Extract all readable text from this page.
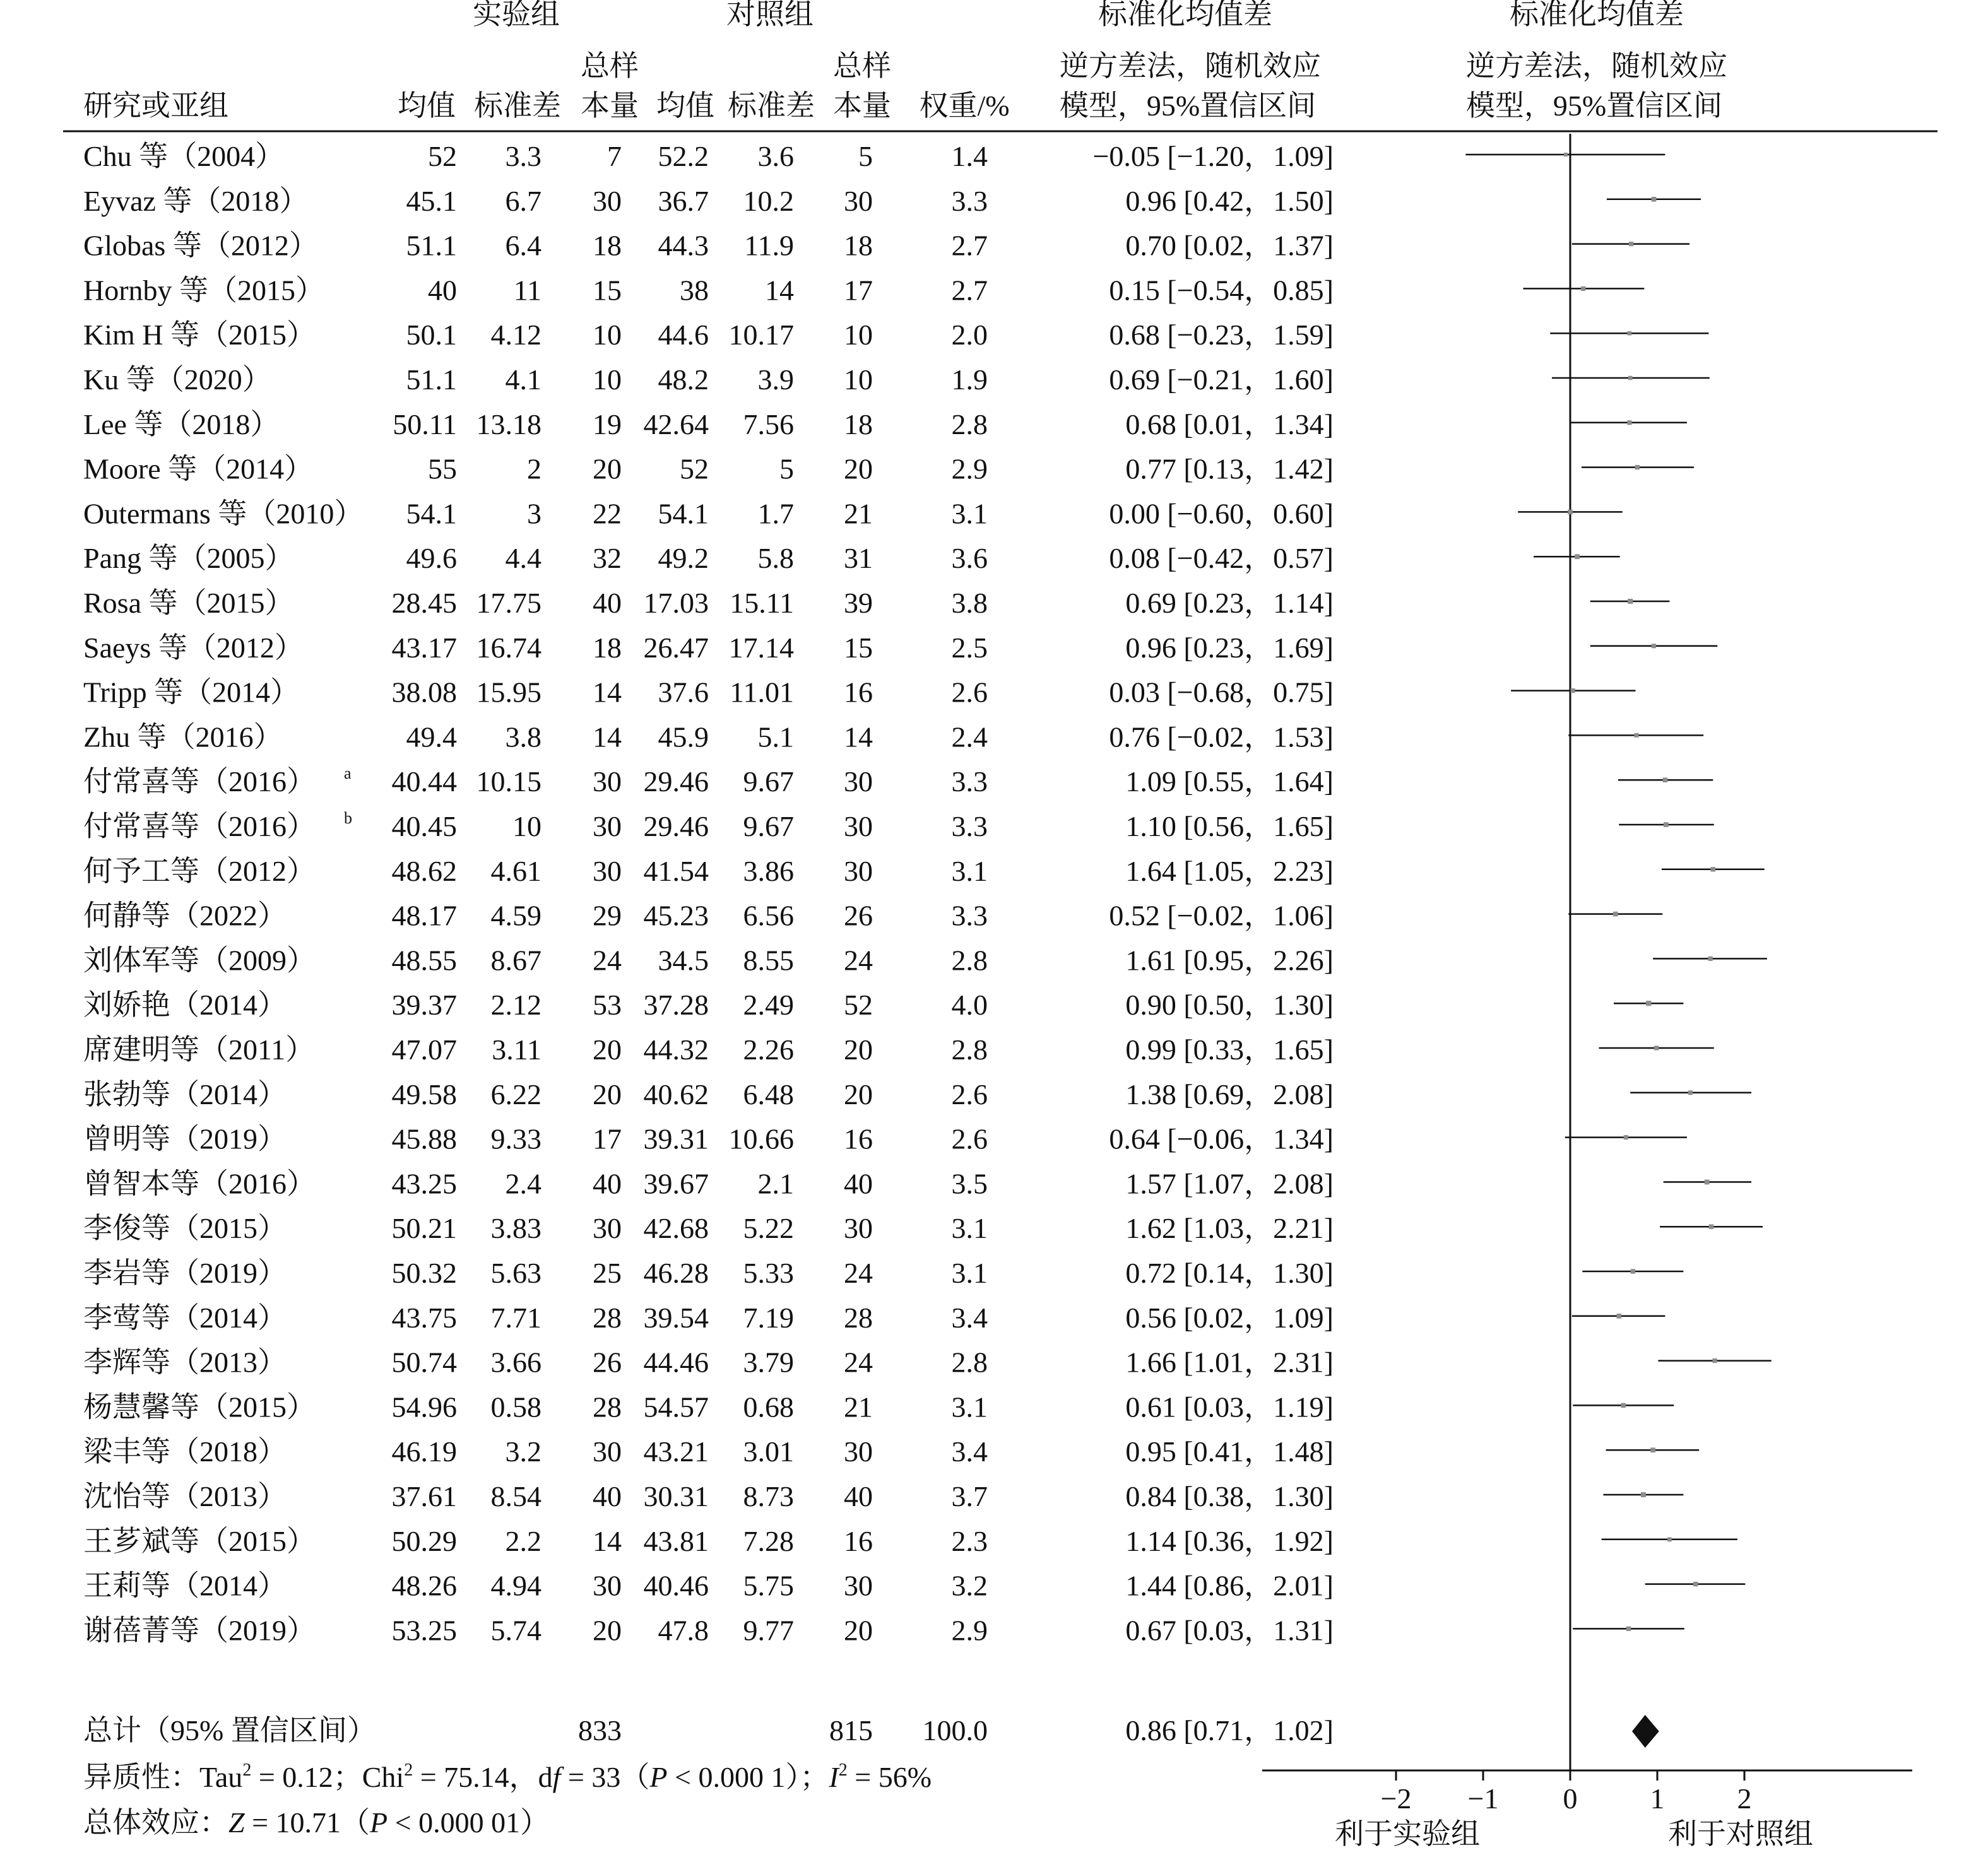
实验组	对照组	标准化均值差	标准化均值差
总样	总样	逆方差法，随机效应	逆方差法，随机效应
研究或亚组	均值 标准差 本量 均值 标准差 本量 权重/% 模型，95%置信区间	模型，95%置信区间
Chu 等（2004）	52 3.3 7 52.2 3.6 5	1.4	−0.05 [−1.20，1.09]
Eyvaz 等（2018）	45.1 6.7 30 36.7 10.2 30	3.3	0.96 [0.42，1.50]
Globas 等（2012）	51.1 6.4 18 44.3 11.9 18	2.7	0.70 [0.02，1.37]
Hornby 等（2015）	40 11 15 38 14 17	2.7	0.15 [−0.54，0.85]
Kim H 等（2015）	50.1 4.12 10 44.6 10.17 10	2.0	0.68 [−0.23，1.59]
Ku 等（2020）	51.1 4.1 10 48.2 3.9 10	1.9	0.69 [−0.21，1.60]
Lee 等（2018）	50.11 13.18 19 42.64 7.56 18	2.8	0.68 [0.01，1.34]
Moore 等（2014）	55 2 20 52 5 20	2.9	0.77 [0.13，1.42]
Outermans 等（2010） 54.1 3 22 54.1 1.7 21	3.1	0.00 [−0.60，0.60]
Pang 等（2005）	49.6 4.4 32 49.2 5.8 31	3.6	0.08 [−0.42，0.57]
Rosa 等（2015）	28.45 17.75 40 17.03 15.11 39	3.8	0.69 [0.23，1.14]
Saeys 等（2012）	43.17 16.74 18 26.47 17.14 15	2.5	0.96 [0.23，1.69]
Tripp 等（2014）	38.08 15.95 14 37.6 11.01 16	2.6	0.03 [−0.68，0.75]
Zhu 等（2016）	49.4 3.8 14 45.9 5.1 14	2.4	0.76 [−0.02，1.53]
付常喜等（2016） a 40.44 10.15 30 29.46 9.67 30	3.3	1.09 [0.55，1.64]
付常喜等（2016） b 40.45 10 30 29.46 9.67 30	3.3	1.10 [0.56，1.65]
何予工等（2012）	48.62 4.61 30 41.54 3.86 30	3.1	1.64 [1.05，2.23]
何静等（2022）	48.17 4.59 29 45.23 6.56 26	3.3	0.52 [−0.02，1.06]
刘体军等（2009）	48.55 8.67 24 34.5 8.55 24	2.8	1.61 [0.95，2.26]
刘娇艳（2014）	39.37 2.12 53 37.28 2.49 52	4.0	0.90 [0.50，1.30]
席建明等（2011）	47.07 3.11 20 44.32 2.26 20	2.8	0.99 [0.33，1.65]
张勃等（2014）	49.58 6.22 20 40.62 6.48 20	2.6	1.38 [0.69，2.08]
曾明等（2019）	45.88 9.33 17 39.31 10.66 16	2.6	0.64 [−0.06，1.34]
曾智本等（2016）	43.25 2.4 40 39.67 2.1 40	3.5	1.57 [1.07，2.08]
李俊等（2015）	50.21 3.83 30 42.68 5.22 30	3.1	1.62 [1.03，2.21]
李岩等（2019）	50.32 5.63 25 46.28 5.33 24	3.1	0.72 [0.14，1.30]
李莺等（2014）	43.75 7.71 28 39.54 7.19 28	3.4	0.56 [0.02，1.09]
李辉等（2013）	50.74 3.66 26 44.46 3.79 24	2.8	1.66 [1.01，2.31]
杨慧馨等（2015）	54.96 0.58 28 54.57 0.68 21	3.1	0.61 [0.03，1.19]
梁丰等（2018）	46.19 3.2 30 43.21 3.01 30	3.4	0.95 [0.41，1.48]
沈怡等（2013）	37.61 8.54 40 30.31 8.73 40	3.7	0.84 [0.38，1.30]
王芗斌等（2015）	50.29 2.2 14 43.81 7.28 16	2.3	1.14 [0.36，1.92]
王莉等（2014）	48.26 4.94 30 40.46 5.75 30	3.2	1.44 [0.86，2.01]
谢蓓菁等（2019）	53.25 5.74 20 47.8 9.77 20	2.9	0.67 [0.03，1.31]
−2 −1 0	1	2
总计（95% 置信区间）	833	815 100.0	0.86 [0.71，1.02]
异质性：Tau$^2$ = 0.12；Chi$^2$ = 75.14，df = 33（P < 0.000 1）；$I^2 = 56\%$
总体效应：Z = 10.71（P < 0.000 01）	利于实验组	利于对照组
